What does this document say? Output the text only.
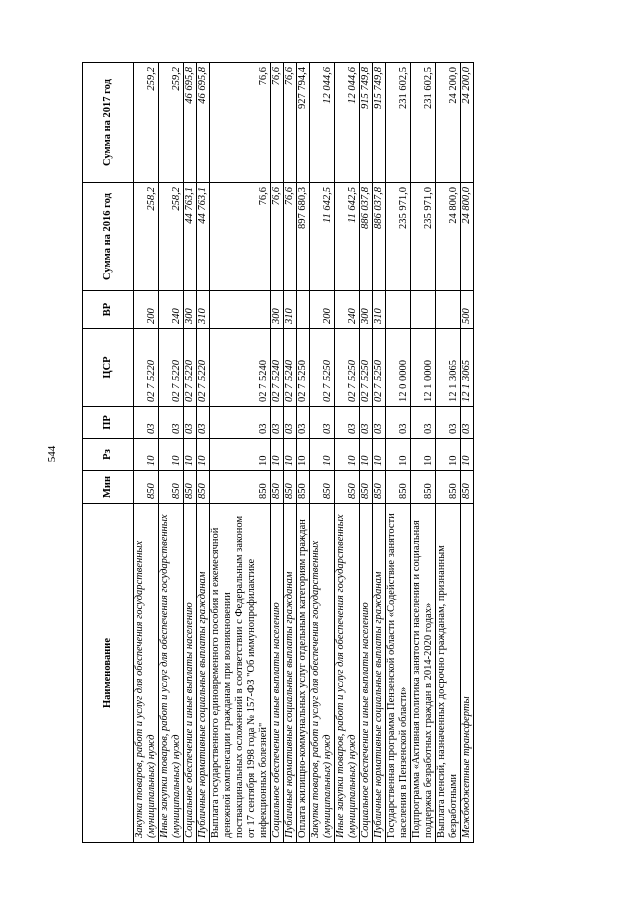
544
Наименование	Мин	Рз	ПР	ЦСР	ВР	Сумма на 2016 год	Сумма на 2017 год
Закупка товаров, работ и услуг для обеспечения государственных (муниципальных) нужд	850	10	03	02 7 5220	200	258,2	259,2
Иные закупки товаров, работ и услуг для обеспечения государственных (муниципальных) нужд	850	10	03	02 7 5220	240	258,2	259,2
Социальное обеспечение и иные выплаты населению	850	10	03	02 7 5220	300	44 763,1	46 695,8
Публичные нормативные социальные выплаты гражданам	850	10	03	02 7 5220	310	44 763,1	46 695,8
Выплата государственного единовременного пособия и ежемесячной денежной компенсации гражданам при возникновении поствакцинальных осложнений в соответствии с Федеральным законом от 17 сентября 1998 года № 157-ФЗ "Об иммунопрофилактике инфекционных болезней"	850	10	03	02 7 5240		76,6	76,6
Социальное обеспечение и иные выплаты населению	850	10	03	02 7 5240	300	76,6	76,6
Публичные нормативные социальные выплаты гражданам	850	10	03	02 7 5240	310	76,6	76,6
Оплата жилищно-коммунальных услуг отдельным категориям граждан	850	10	03	02 7 5250		897 680,3	927 794,4
Закупка товаров, работ и услуг для обеспечения государственных (муниципальных) нужд	850	10	03	02 7 5250	200	11 642,5	12 044,6
Иные закупки товаров, работ и услуг для обеспечения государственных (муниципальных) нужд	850	10	03	02 7 5250	240	11 642,5	12 044,6
Социальное обеспечение и иные выплаты населению	850	10	03	02 7 5250	300	886 037,8	915 749,8
Публичные нормативные социальные выплаты гражданам	850	10	03	02 7 5250	310	886 037,8	915 749,8
Государственная программа Пензенской области «Содействие занятости населения в Пензенской области»	850	10	03	12 0 0000		235 971,0	231 602,5
Подпрограмма «Активная политика занятости населения и социальная поддержка безработных граждан в 2014-2020 годах»	850	10	03	12 1 0000		235 971,0	231 602,5
Выплата пенсий, назначенных досрочно гражданам, признанным безработными	850	10	03	12 1 3065		24 800,0	24 200,0
Межбюджетные трансферты	850	10	03	12 1 3065	500	24 800,0	24 200,0
